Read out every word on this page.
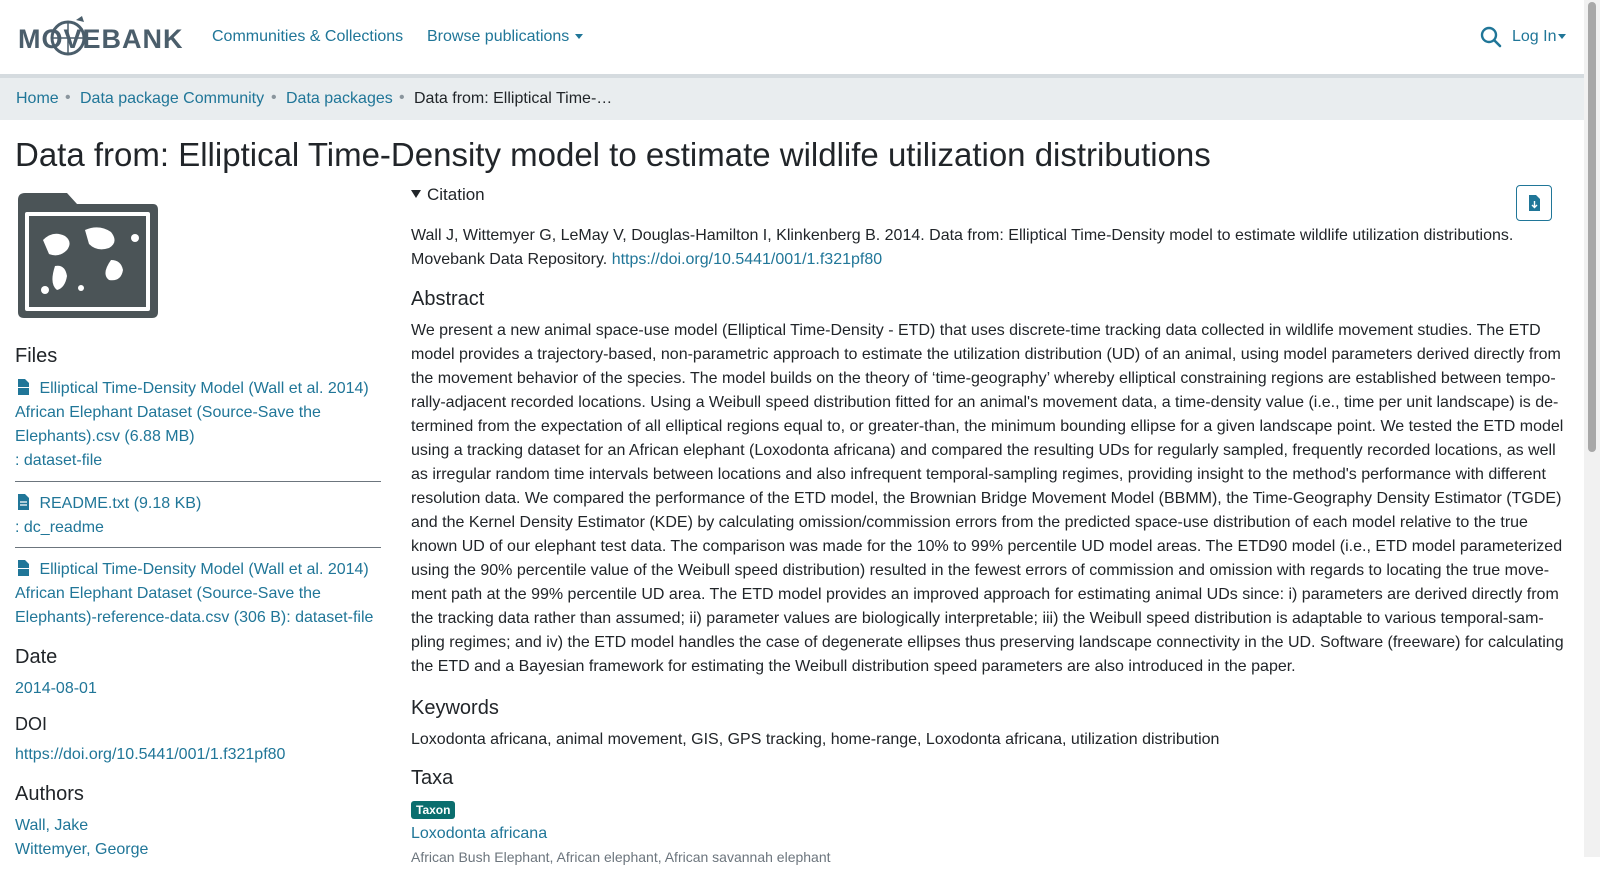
MOVEBANK Communities & Collections Browse publications	Log In
Home • Data package Community • Data packages • Data from: Elliptical Time-…
Data from: Elliptical Time-Density model to estimate wildlife utilization distributions
Files
Elliptical Time-Density Model (Wall et al. 2014) African Elephant Dataset (Source-Save the Elephants).csv (6.88 MB)
: dataset-file
README.txt (9.18 KB)
: dc_readme
Elliptical Time-Density Model (Wall et al. 2014) African Elephant Dataset (Source-Save the Elephants)-reference-data.csv (306 B): dataset-file
Date
2014-08-01
DOI
https://doi.org/10.5441/001/1.f321pf80
Authors
Wall, Jake
Wittemyer, George
Citation

Wall J, Wittemyer G, LeMay V, Douglas-Hamilton I, Klinkenberg B. 2014. Data from: Elliptical Time-Density model to estimate wildlife utilization distributions. Movebank Data Repository. https://doi.org/10.5441/001/1.f321pf80

Abstract

We present a new animal space-use model (Elliptical Time-Density - ETD) that uses discrete-time tracking data collected in wildlife movement studies. The ETD model provides a trajectory-based, non-parametric approach to estimate the utilization distribution (UD) of an animal, using model parameters derived directly from the movement behavior of the species. The model builds on the theory of ‘time-geography’ whereby elliptical constraining regions are established between tempo-rally-adjacent recorded locations. Using a Weibull speed distribution fitted for an animal's movement data, a time-density value (i.e., time per unit landscape) is de-termined from the expectation of all elliptical regions equal to, or greater-than, the minimum bounding ellipse for a given landscape point. We tested the ETD model using a tracking dataset for an African elephant (Loxodonta africana) and compared the resulting UDs for regularly sampled, frequently recorded locations, as well as irregular random time intervals between locations and also infrequent temporal-sampling regimes, providing insight to the method's performance with different resolution data. We compared the performance of the ETD model, the Brownian Bridge Movement Model (BBMM), the Time-Geography Density Estimator (TGDE) and the Kernel Density Estimator (KDE) by calculating omission/commission errors from the predicted space-use distribution of each model relative to the true known UD of our elephant test data. The comparison was made for the 10% to 99% percentile UD model areas. The ETD90 model (i.e., ETD model parameterized using the 90% percentile value of the Weibull speed distribution) resulted in the fewest errors of commission and omission with regards to locating the true move-ment path at the 99% percentile UD area. The ETD model provides an improved approach for estimating animal UDs since: i) parameters are derived directly from the tracking data rather than assumed; ii) parameter values are biologically interpretable; iii) the Weibull speed distribution is adaptable to various temporal-sam-pling regimes; and iv) the ETD model handles the case of degenerate ellipses thus preserving landscape connectivity in the UD. Software (freeware) for calculating the ETD and a Bayesian framework for estimating the Weibull distribution speed parameters are also introduced in the paper.

Keywords

Loxodonta africana, animal movement, GIS, GPS tracking, home-range, Loxodonta africana, utilization distribution

Taxa
Taxon
Loxodonta africana
African Bush Elephant, African elephant, African savannah elephant
